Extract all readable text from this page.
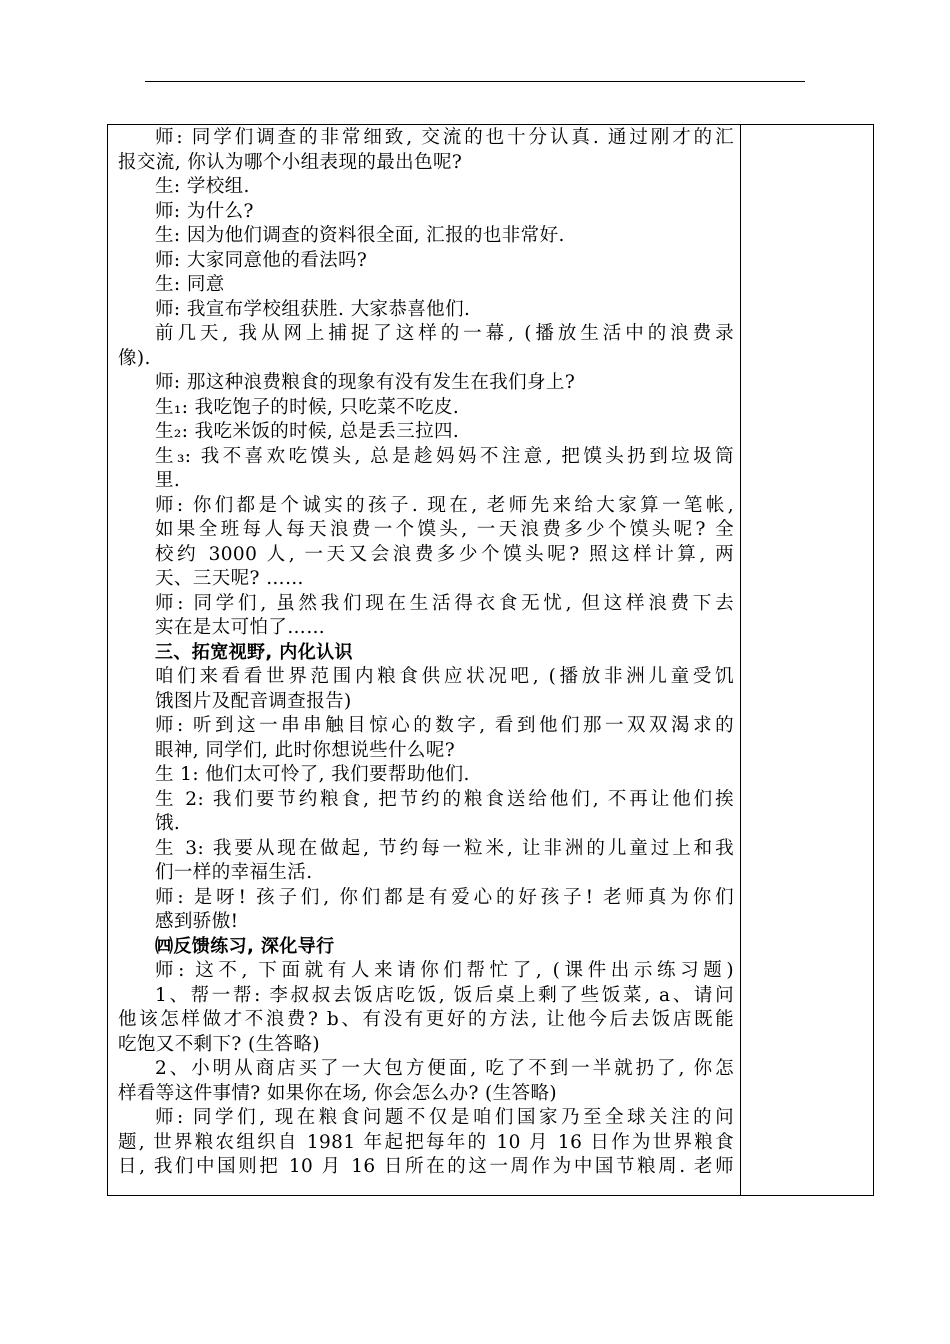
师: 同学们调查的非常细致, 交流的也十分认真. 通过刚才的汇
报交流, 你认为哪个小组表现的最出色呢?
生: 学校组.
师: 为什么?
生: 因为他们调查的资料很全面, 汇报的也非常好.
师: 大家同意他的看法吗?
生: 同意
师: 我宣布学校组获胜. 大家恭喜他们.
前几天, 我从网上捕捉了这样的一幕, (播放生活中的浪费录
像).
师: 那这种浪费粮食的现象有没有发生在我们身上?
生₁: 我吃饱子的时候, 只吃菜不吃皮.
生₂: 我吃米饭的时候, 总是丢三拉四.
生₃: 我不喜欢吃馍头, 总是趁妈妈不注意, 把馍头扔到垃圾筒
里.
师: 你们都是个诚实的孩子. 现在, 老师先来给大家算一笔帐,
如果全班每人每天浪费一个馍头, 一天浪费多少个馍头呢? 全
校约 3000 人, 一天又会浪费多少个馍头呢? 照这样计算, 两
天、三天呢? ……
师: 同学们, 虽然我们现在生活得衣食无忧, 但这样浪费下去
实在是太可怕了……
三、拓宽视野, 内化认识
咱们来看看世界范围内粮食供应状况吧, (播放非洲儿童受饥
饿图片及配音调查报告)
师: 听到这一串串触目惊心的数字, 看到他们那一双双渴求的
眼神, 同学们, 此时你想说些什么呢?
生 1: 他们太可怜了, 我们要帮助他们.
生 2: 我们要节约粮食, 把节约的粮食送给他们, 不再让他们挨
饿.
生 3: 我要从现在做起, 节约每一粒米, 让非洲的儿童过上和我
们一样的幸福生活.
师: 是呀! 孩子们, 你们都是有爱心的好孩子! 老师真为你们
感到骄傲!
㈣反馈练习, 深化导行
师: 这不, 下面就有人来请你们帮忙了, (课件出示练习题)
1、帮一帮: 李叔叔去饭店吃饭, 饭后桌上剩了些饭菜, a、请问
他该怎样做才不浪费? b、有没有更好的方法, 让他今后去饭店既能
吃饱又不剩下? (生答略)
2、小明从商店买了一大包方便面, 吃了不到一半就扔了, 你怎
样看等这件事情? 如果你在场, 你会怎么办? (生答略)
师: 同学们, 现在粮食问题不仅是咱们国家乃至全球关注的问
题, 世界粮农组织自 1981 年起把每年的 10 月 16 日作为世界粮食
日, 我们中国则把 10 月 16 日所在的这一周作为中国节粮周. 老师
